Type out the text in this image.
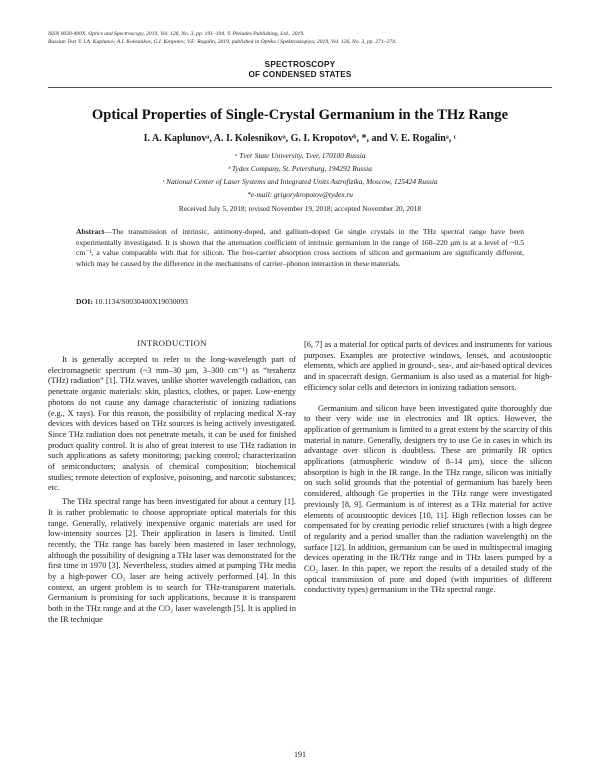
ISSN 0030-400X, Optics and Spectroscopy, 2019, Vol. 126, No. 3, pp. 191–194. © Pleiades Publishing, Ltd., 2019.
Russian Text © I.A. Kaplunov, A.I. Kolesnikov, G.I. Kropotov, V.E. Rogalin, 2019, published in Optika i Spektroskopiya, 2019, Vol. 126, No. 3, pp. 271–274.
SPECTROSCOPY
OF CONDENSED STATES
Optical Properties of Single-Crystal Germanium in the THz Range
I. A. Kaplunovᵃ, A. I. Kolesnikovᵃ, G. I. Kropotovᵇ, *, and V. E. Rogalinᵃ, ᶜ
ᵃ Tver State University, Tver, 170100 Russia
ᵇ Tydex Company, St. Petersburg, 194292 Russia
ᶜ National Center of Laser Systems and Integrated Units Astrofizika, Moscow, 125424 Russia
*e-mail: grigorykropotov@tydex.ru
Received July 5, 2018; revised November 19, 2018; accepted November 20, 2018
Abstract—The transmission of intrinsic, antimony-doped, and gallium-doped Ge single crystals in the THz spectral range have been experimentally investigated. It is shown that the attenuation coefficient of intrinsic germanium in the range of 160–220 μm is at a level of ~0.5 cm⁻¹, a value comparable with that for silicon. The free-carrier absorption cross sections of silicon and germanium are significantly different, which may be caused by the difference in the mechanisms of carrier–phonon interaction in these materials.
DOI: 10.1134/S0030400X19030093
INTRODUCTION

It is generally accepted to refer to the long-wavelength part of electromagnetic spectrum (~3 mm–30 μm, 3–300 cm⁻¹) as “terahertz (THz) radiation” [1]. THz waves, unlike shorter wavelength radiation, can penetrate organic materials: skin, plastics, clothes, or paper. Low-energy photons do not cause any damage characteristic of ionizing radiations (e.g., X rays). For this reason, the possibility of replacing medical X-ray devices with devices based on THz sources is being actively investigated. Since THz radiation does not penetrate metals, it can be used for finished product quality control. It is also of great interest to use THz radiation in such applications as safety monitoring; packing control; characterization of semiconductors; analysis of chemical composition; biochemical studies; remote detection of explosive, poisoning, and narcotic substances; etc.

The THz spectral range has been investigated for about a century [1]. It is rather problematic to choose appropriate optical materials for this range. Generally, relatively inexpensive organic materials are used for low-intensity sources [2]. Their application in lasers is limited. Until recently, the THz range has barely been mastered in laser technology, although the possibility of designing a THz laser was demonstrated for the first time in 1970 [3]. Nevertheless, studies aimed at pumping THz media by a high-power CO₂ laser are being actively performed [4]. In this context, an urgent problem is to search for THz-transparent materials. Germanium is promising for such applications, because it is transparent both in the THz range and at the CO₂ laser wavelength [5]. It is applied in the IR technique

[6, 7] as a material for optical parts of devices and instruments for various purposes. Examples are protective windows, lenses, and acoustooptic elements, which are applied in ground-, sea-, and air-based optical devices and in spacecraft design. Germanium is also used as a material for high-efficiency solar cells and detectors in ionizing radiation sensors.

Germanium and silicon have been investigated quite thoroughly due to their very wide use in electronics and IR optics. However, the application of germanium is limited to a great extent by the scarcity of this material in nature. Generally, designers try to use Ge in cases in which its advantage over silicon is doubtless. These are primarily IR optics applications (atmospheric window of 8–14 μm), since the silicon absorption is high in the IR range. In the THz range, silicon was initially on such solid grounds that the potential of germanium has barely been considered, although Ge properties in the THz range were investigated previously [8, 9]. Germanium is of interest as a THz material for active elements of acoustooptic devices [10, 11]. High reflection losses can be compensated for by creating periodic relief structures (with a high degree of regularity and a period smaller than the radiation wavelength) on the surface [12]. In addition, germanium can be used in multispectral imaging devices operating in the IR/THz range and in THz lasers pumped by a CO₂ laser. In this paper, we report the results of a detailed study of the optical transmission of pure and doped (with impurities of different conductivity types) germanium in the THz spectral range.

191
